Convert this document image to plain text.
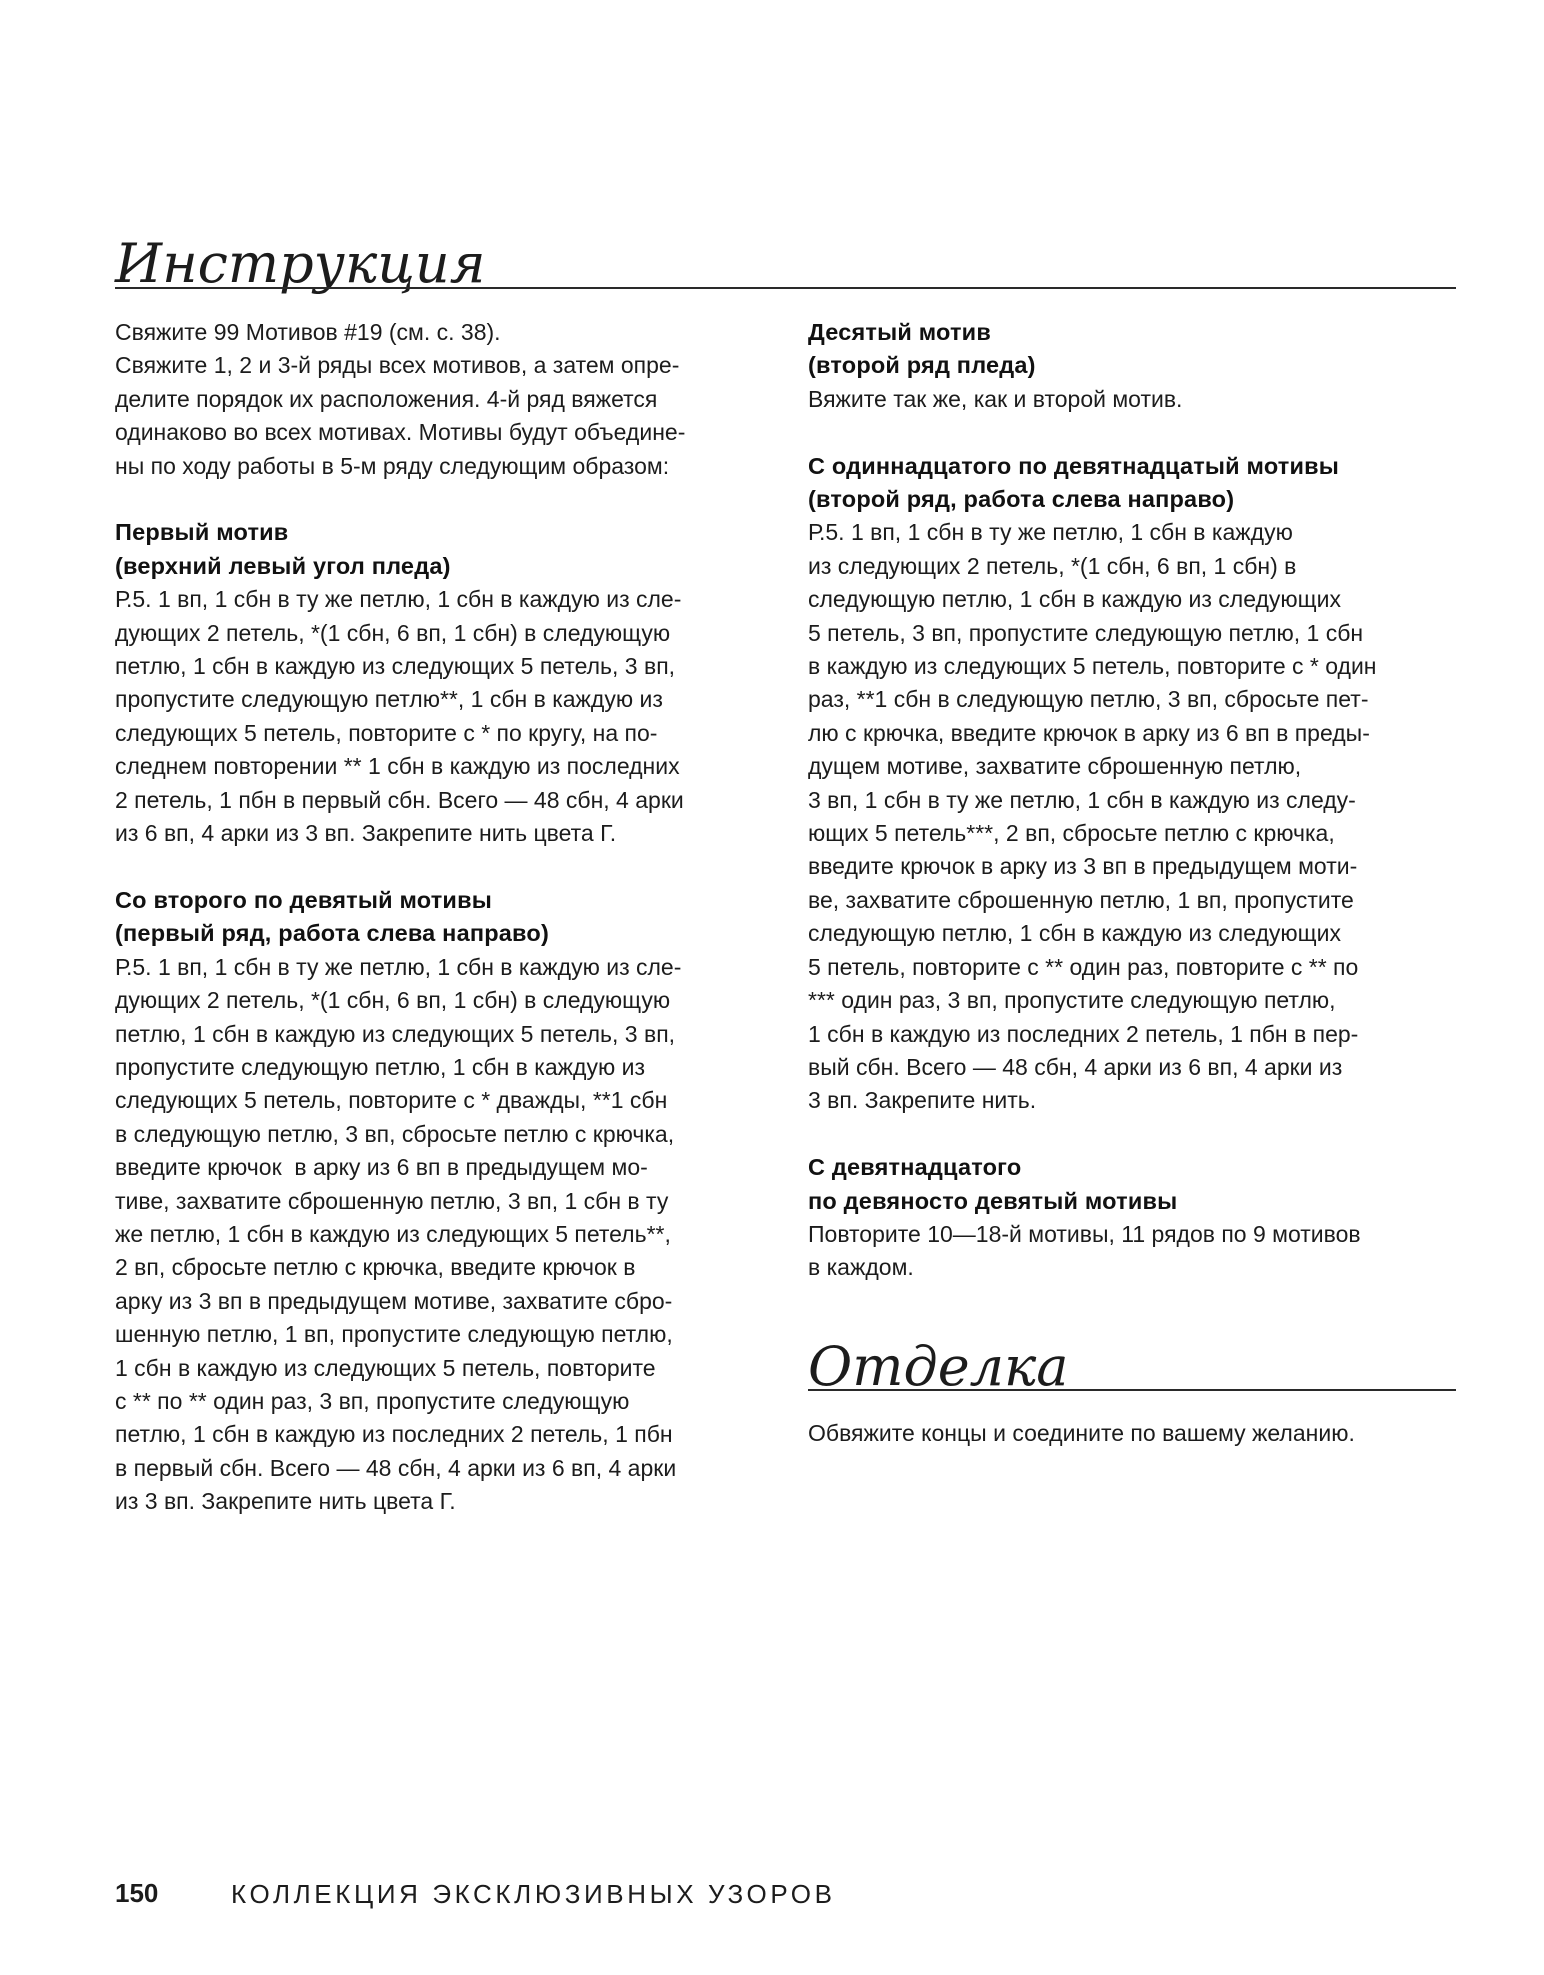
Инструкция
Свяжите 99 Мотивов #19 (см. с. 38).
Свяжите 1, 2 и 3-й ряды всех мотивов, а затем опре-
делите порядок их расположения. 4-й ряд вяжется
одинаково во всех мотивах. Мотивы будут объедине-
ны по ходу работы в 5-м ряду следующим образом:
Первый мотив
(верхний левый угол пледа)
Р.5. 1 вп, 1 сбн в ту же петлю, 1 сбн в каждую из сле-
дующих 2 петель, *(1 сбн, 6 вп, 1 сбн) в следующую
петлю, 1 сбн в каждую из следующих 5 петель, 3 вп,
пропустите следующую петлю**, 1 сбн в каждую из
следующих 5 петель, повторите с * по кругу, на по-
следнем повторении ** 1 сбн в каждую из последних
2 петель, 1 пбн в первый сбн. Всего — 48 сбн, 4 арки
из 6 вп, 4 арки из 3 вп. Закрепите нить цвета Г.
Со второго по девятый мотивы
(первый ряд, работа слева направо)
Р.5. 1 вп, 1 сбн в ту же петлю, 1 сбн в каждую из сле-
дующих 2 петель, *(1 сбн, 6 вп, 1 сбн) в следующую
петлю, 1 сбн в каждую из следующих 5 петель, 3 вп,
пропустите следующую петлю, 1 сбн в каждую из
следующих 5 петель, повторите с * дважды, **1 сбн
в следующую петлю, 3 вп, сбросьте петлю с крючка,
введите крючок  в арку из 6 вп в предыдущем мо-
тиве, захватите сброшенную петлю, 3 вп, 1 сбн в ту
же петлю, 1 сбн в каждую из следующих 5 петель**,
2 вп, сбросьте петлю с крючка, введите крючок в
арку из 3 вп в предыдущем мотиве, захватите сбро-
шенную петлю, 1 вп, пропустите следующую петлю,
1 сбн в каждую из следующих 5 петель, повторите
с ** по ** один раз, 3 вп, пропустите следующую
петлю, 1 сбн в каждую из последних 2 петель, 1 пбн
в первый сбн. Всего — 48 сбн, 4 арки из 6 вп, 4 арки
из 3 вп. Закрепите нить цвета Г.
Десятый мотив
(второй ряд пледа)
Вяжите так же, как и второй мотив.
С одиннадцатого по девятнадцатый мотивы
(второй ряд, работа слева направо)
Р.5. 1 вп, 1 сбн в ту же петлю, 1 сбн в каждую
из следующих 2 петель, *(1 сбн, 6 вп, 1 сбн) в
следующую петлю, 1 сбн в каждую из следующих
5 петель, 3 вп, пропустите следующую петлю, 1 сбн
в каждую из следующих 5 петель, повторите с * один
раз, **1 сбн в следующую петлю, 3 вп, сбросьте пет-
лю с крючка, введите крючок в арку из 6 вп в преды-
дущем мотиве, захватите сброшенную петлю,
3 вп, 1 сбн в ту же петлю, 1 сбн в каждую из следу-
ющих 5 петель***, 2 вп, сбросьте петлю с крючка,
введите крючок в арку из 3 вп в предыдущем моти-
ве, захватите сброшенную петлю, 1 вп, пропустите
следующую петлю, 1 сбн в каждую из следующих
5 петель, повторите с ** один раз, повторите с ** по
*** один раз, 3 вп, пропустите следующую петлю,
1 сбн в каждую из последних 2 петель, 1 пбн в пер-
вый сбн. Всего — 48 сбн, 4 арки из 6 вп, 4 арки из
3 вп. Закрепите нить.
С девятнадцатого
по девяносто девятый мотивы
Повторите 10—18-й мотивы, 11 рядов по 9 мотивов
в каждом.
Отделка
Обвяжите концы и соедините по вашему желанию.
150	КОЛЛЕКЦИЯ ЭКСКЛЮЗИВНЫХ УЗОРОВ
